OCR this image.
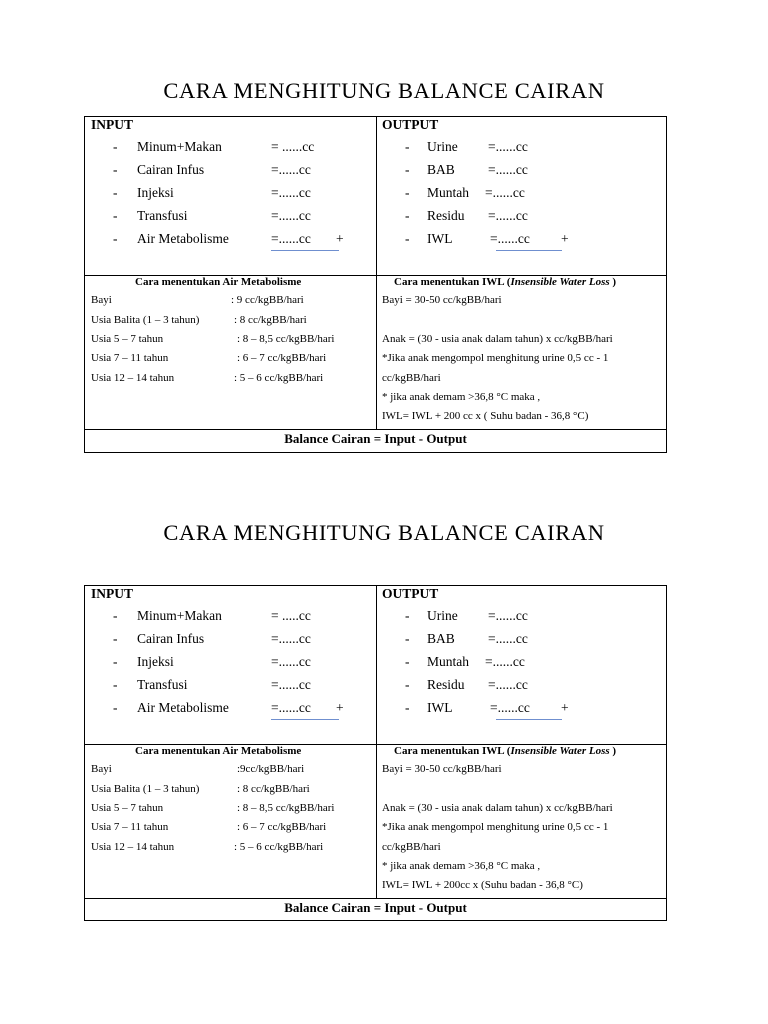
CARA MENGHITUNG BALANCE CAIRAN
INPUT
- Minum+Makan	= ......cc
- Cairan Infus	=......cc
- Injeksi	=......cc
- Transfusi	=......cc
- Air Metabolisme	=......cc +
OUTPUT
- Urine =......cc
- BAB =......cc
- Muntah =......cc
- Residu =......cc
- IWL	=......cc +
Cara menentukan Air Metabolisme
Bayi	: 9 cc/kgBB/hari
Usia Balita (1 – 3 tahun)	: 8 cc/kgBB/hari
Usia 5 – 7 tahun	: 8 – 8,5 cc/kgBB/hari
Usia 7 – 11 tahun	: 6 – 7 cc/kgBB/hari
Usia 12 – 14 tahun	: 5 – 6 cc/kgBB/hari
Cara menentukan IWL (Insensible Water Loss )
Bayi = 30-50 cc/kgBB/hari
Anak = (30 - usia anak dalam tahun) x cc/kgBB/hari
*Jika anak mengompol menghitung urine 0,5 cc - 1
cc/kgBB/hari
* jika anak demam >36,8 °C maka ,
IWL= IWL + 200 cc x ( Suhu badan - 36,8 °C)
Balance Cairan = Input - Output
CARA MENGHITUNG BALANCE CAIRAN
INPUT
- Minum+Makan	= .....cc
- Cairan Infus	=......cc
- Injeksi	=......cc
- Transfusi	=......cc
- Air Metabolisme	=......cc +
OUTPUT
- Urine =......cc
- BAB =......cc
- Muntah =......cc
- Residu =......cc
- IWL	=......cc +
Cara menentukan Air Metabolisme
Bayi	:9cc/kgBB/hari
Usia Balita (1 – 3 tahun)	: 8 cc/kgBB/hari
Usia 5 – 7 tahun	: 8 – 8,5 cc/kgBB/hari
Usia 7 – 11 tahun	: 6 – 7 cc/kgBB/hari
Usia 12 – 14 tahun	: 5 – 6 cc/kgBB/hari
Cara menentukan IWL (Insensible Water Loss )
Bayi = 30-50 cc/kgBB/hari
Anak = (30 - usia anak dalam tahun) x cc/kgBB/hari
*Jika anak mengompol menghitung urine 0,5 cc - 1
cc/kgBB/hari
* jika anak demam >36,8 °C maka ,
IWL= IWL + 200cc x (Suhu badan - 36,8 °C)
Balance Cairan = Input - Output
